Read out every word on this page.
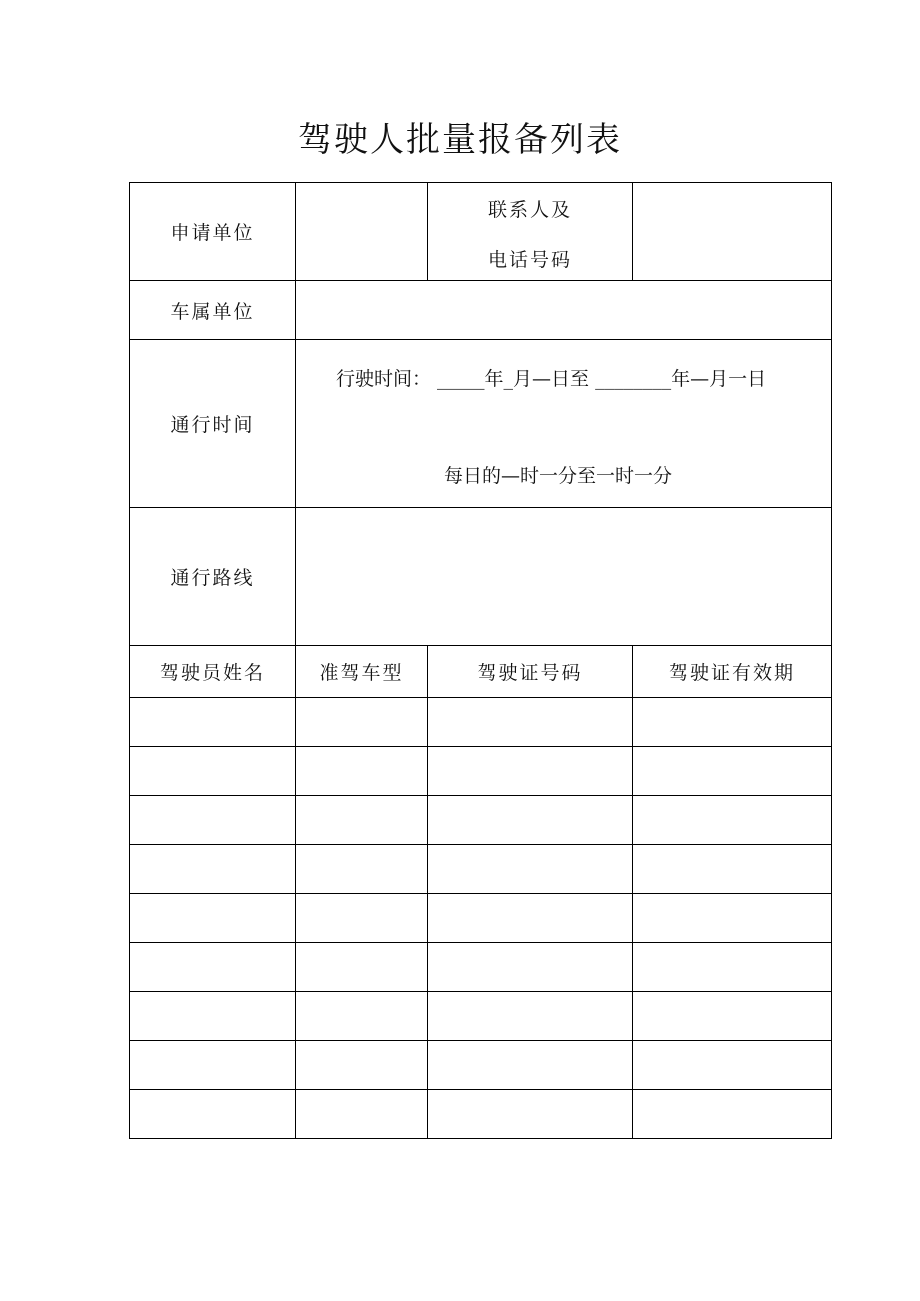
驾驶人批量报备列表
申请单位		联系人及
电话号码	

车属单位			
通行时间	行驶时间： _____年_月—日至 ________年—月一日
每日的—时一分至一时一分		

通行路线			
驾驶员姓名	准驾车型	驾驶证号码	驾驶证有效期
